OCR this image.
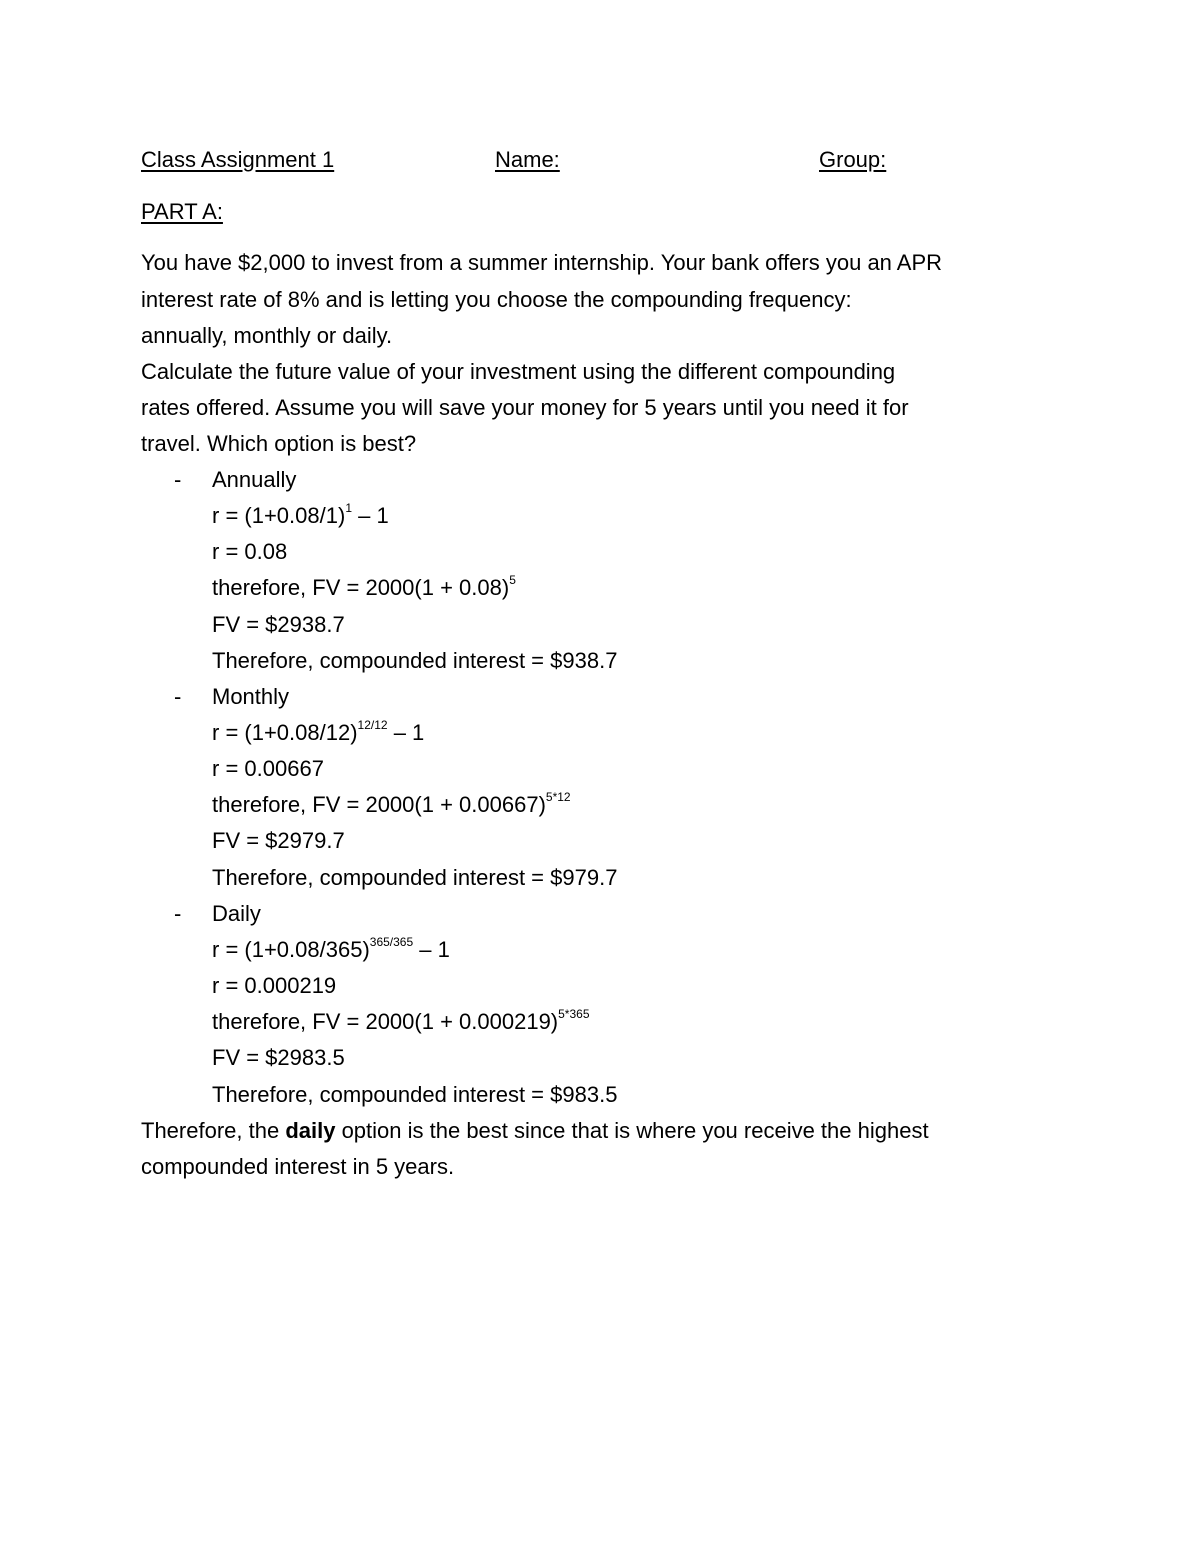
Class Assignment 1	Name:	Group:
PART A:
You have $2,000 to invest from a summer internship. Your bank offers you an APR
interest rate of 8% and is letting you choose the compounding frequency:
annually, monthly or daily.
Calculate the future value of your investment using the different compounding
rates offered. Assume you will save your money for 5 years until you need it for
travel. Which option is best?
- Annually
$r = (1+0.08/1)^1 - 1$
r = 0.08
therefore, FV = $2000(1 + 0.08)^5$
FV = $2938.7
Therefore, compounded interest = $938.7
- Monthly
$r = (1+0.08/12)^{12/12} - 1$
r = 0.00667
therefore, FV = $2000(1 + 0.00667)^{5*12}$
FV = $2979.7
Therefore, compounded interest = $979.7
- Daily
$r = (1+0.08/365)^{365/365} - 1$
r = 0.000219
therefore, FV = $2000(1 + 0.000219)^{5*365}$
FV = $2983.5
Therefore, compounded interest = $983.5
Therefore, the daily option is the best since that is where you receive the highest
compounded interest in 5 years.
